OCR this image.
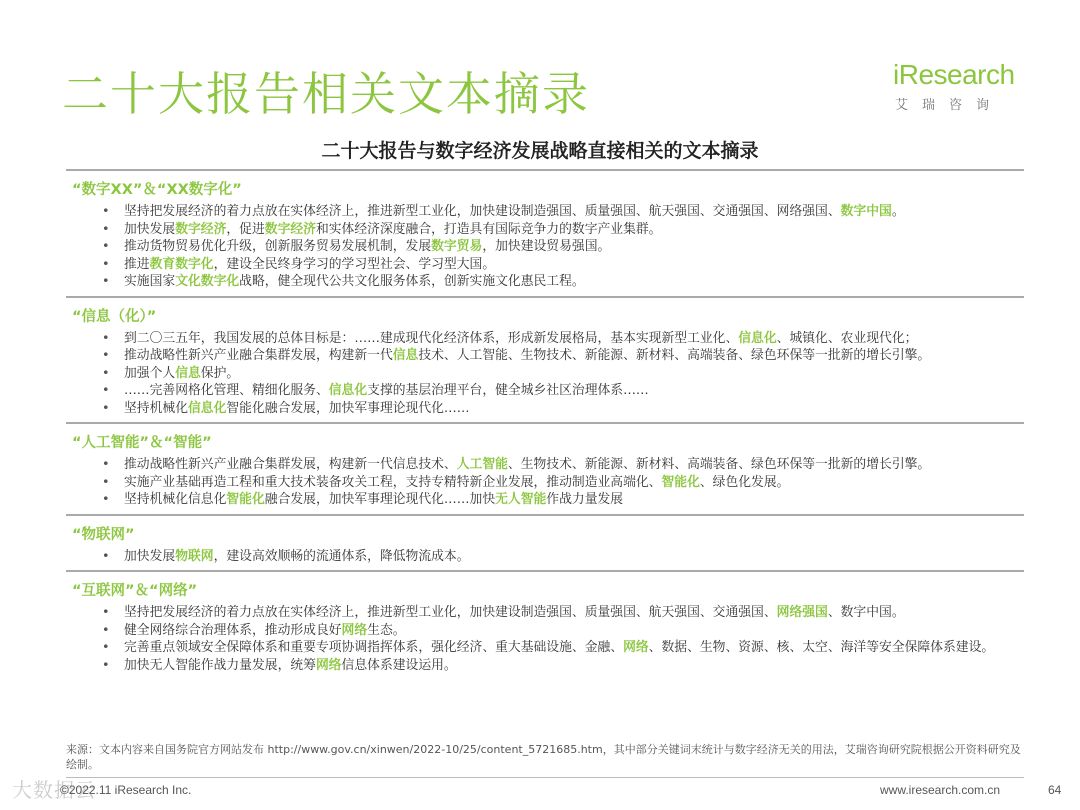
二十大报告相关文本摘录	iResearch
艾瑞咨询
二十大报告与数字经济发展战略直接相关的文本摘录
“数字XX”＆“XX数字化”
• 坚持把发展经济的着力点放在实体经济上，推进新型工业化，加快建设制造强国、质量强国、航天强国、交通强国、网络强国、数字中国。
• 加快发展数字经济，促进数字经济和实体经济深度融合，打造具有国际竞争力的数字产业集群。
• 推动货物贸易优化升级，创新服务贸易发展机制，发展数字贸易，加快建设贸易强国。
• 推进教育数字化，建设全民终身学习的学习型社会、学习型大国。
• 实施国家文化数字化战略，健全现代公共文化服务体系，创新实施文化惠民工程。
“信息（化）”
• 到二〇三五年，我国发展的总体目标是：……建成现代化经济体系，形成新发展格局，基本实现新型工业化、信息化、城镇化、农业现代化；
• 推动战略性新兴产业融合集群发展，构建新一代信息技术、人工智能、生物技术、新能源、新材料、高端装备、绿色环保等一批新的增长引擎。
• 加强个人信息保护。
• ……完善网格化管理、精细化服务、信息化支撑的基层治理平台，健全城乡社区治理体系……
• 坚持机械化信息化智能化融合发展，加快军事理论现代化……
“人工智能”＆“智能”
• 推动战略性新兴产业融合集群发展，构建新一代信息技术、人工智能、生物技术、新能源、新材料、高端装备、绿色环保等一批新的增长引擎。
• 实施产业基础再造工程和重大技术装备攻关工程，支持专精特新企业发展，推动制造业高端化、智能化、绿色化发展。
• 坚持机械化信息化智能化融合发展，加快军事理论现代化……加快无人智能作战力量发展
“物联网”
• 加快发展物联网，建设高效顺畅的流通体系，降低物流成本。
“互联网”＆“网络”
• 坚持把发展经济的着力点放在实体经济上，推进新型工业化，加快建设制造强国、质量强国、航天强国、交通强国、网络强国、数字中国。
• 健全网络综合治理体系，推动形成良好网络生态。
• 完善重点领域安全保障体系和重要专项协调指挥体系，强化经济、重大基础设施、金融、网络、数据、生物、资源、核、太空、海洋等安全保障体系建设。
• 加快无人智能作战力量发展，统筹网络信息体系建设运用。
来源：文本内容来自国务院官方网站发布 http://www.gov.cn/xinwen/2022-10/25/content_5721685.htm，其中部分关键词末统计与数字经济无关的用法，艾瑞咨询研究院根据公开资料研究及绘制。
大数据云
©2022.11 iResearch Inc.	www.iresearch.com.cn	64
